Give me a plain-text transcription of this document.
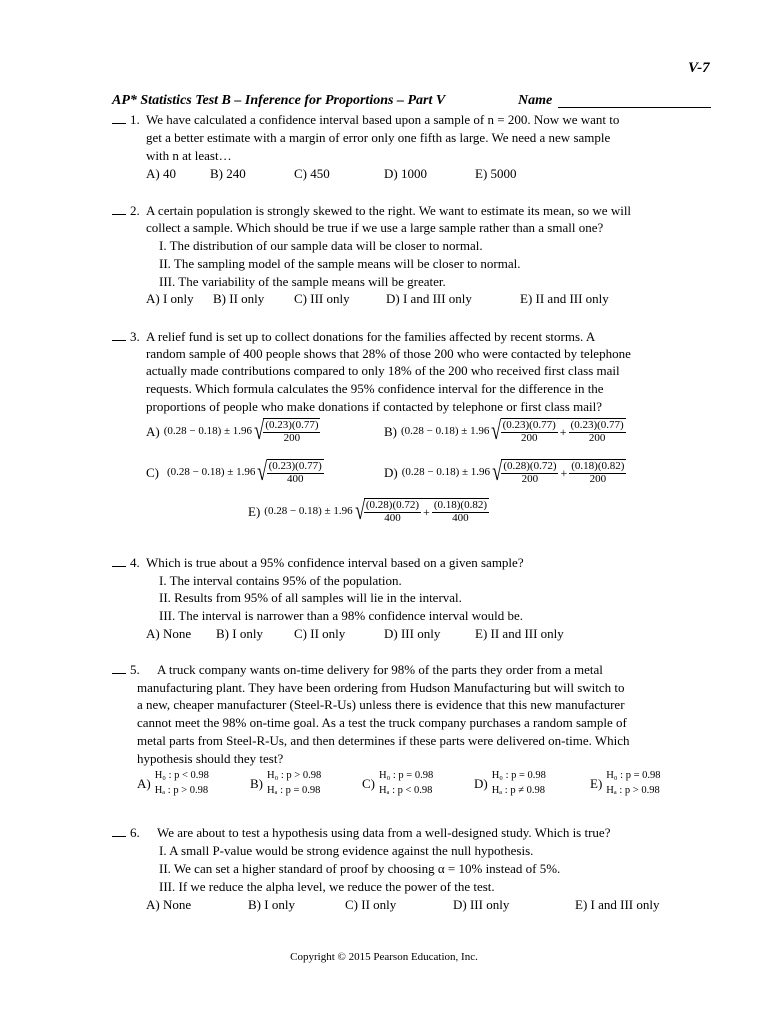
V-7
AP* Statistics Test B – Inference for Proportions – Part V	Name
1. We have calculated a confidence interval based upon a sample of n = 200. Now we want to
get a better estimate with a margin of error only one fifth as large. We need a new sample
with n at least…
A) 40	B) 240	C) 450	D) 1000	E) 5000
2. A certain population is strongly skewed to the right. We want to estimate its mean, so we will
collect a sample. Which should be true if we use a large sample rather than a small one?
I. The distribution of our sample data will be closer to normal.
II. The sampling model of the sample means will be closer to normal.
III. The variability of the sample means will be greater.
A) I only B) II only C) III only	D) I and III only	E) II and III only
3. A relief fund is set up to collect donations for the families affected by recent storms. A
random sample of 400 people shows that 28% of those 200 who were contacted by telephone
actually made contributions compared to only 18% of the 200 who received first class mail
requests. Which formula calculates the 95% confidence interval for the difference in the
proportions of people who make donations if contacted by telephone or first class mail?
A) (0.28 − 0.18) ± 1.96 √ $\frac{(0.23)(0.77)}{200}$	B) (0.28 − 0.18) ± 1.96 √ $\frac{(0.23)(0.77)}{200} + \frac{(0.23)(0.77)}{200}$
C) (0.28 − 0.18) ± 1.96 √ $\frac{(0.23)(0.77)}{400}$	D) (0.28 − 0.18) ± 1.96 √ $\frac{(0.28)(0.72)}{200} + \frac{(0.18)(0.82)}{200}$
E) (0.28 − 0.18) ± 1.96 √ $\frac{(0.28)(0.72)}{400} + \frac{(0.18)(0.82)}{400}$
4. Which is true about a 95% confidence interval based on a given sample?
I. The interval contains 95% of the population.
II. Results from 95% of all samples will lie in the interval.
III. The interval is narrower than a 98% confidence interval would be.
A) None B) I only C) II only	D) III only	E) II and III only
5. A truck company wants on-time delivery for 98% of the parts they order from a metal
manufacturing plant. They have been ordering from Hudson Manufacturing but will switch to
a new, cheaper manufacturer (Steel-R-Us) unless there is evidence that this new manufacturer
cannot meet the 98% on-time goal. As a test the truck company purchases a random sample of
metal parts from Steel-R-Us, and then determines if these parts were delivered on-time. Which
hypothesis should they test?
A)
H₀ : p < 0.98
Hₐ : p > 0.98	B)
H₀ : p > 0.98
Hₐ : p = 0.98	C)
H₀ : p = 0.98
Hₐ : p < 0.98	D)
H₀ : p = 0.98
Hₐ : p ≠ 0.98	E)
H₀ : p = 0.98
Hₐ : p > 0.98
6. We are about to test a hypothesis using data from a well-designed study. Which is true?
I. A small P-value would be strong evidence against the null hypothesis.
II. We can set a higher standard of proof by choosing α = 10% instead of 5%.
III. If we reduce the alpha level, we reduce the power of the test.
A) None	B) I only	C) II only	D) III only	E) I and III only
Copyright © 2015 Pearson Education, Inc.
